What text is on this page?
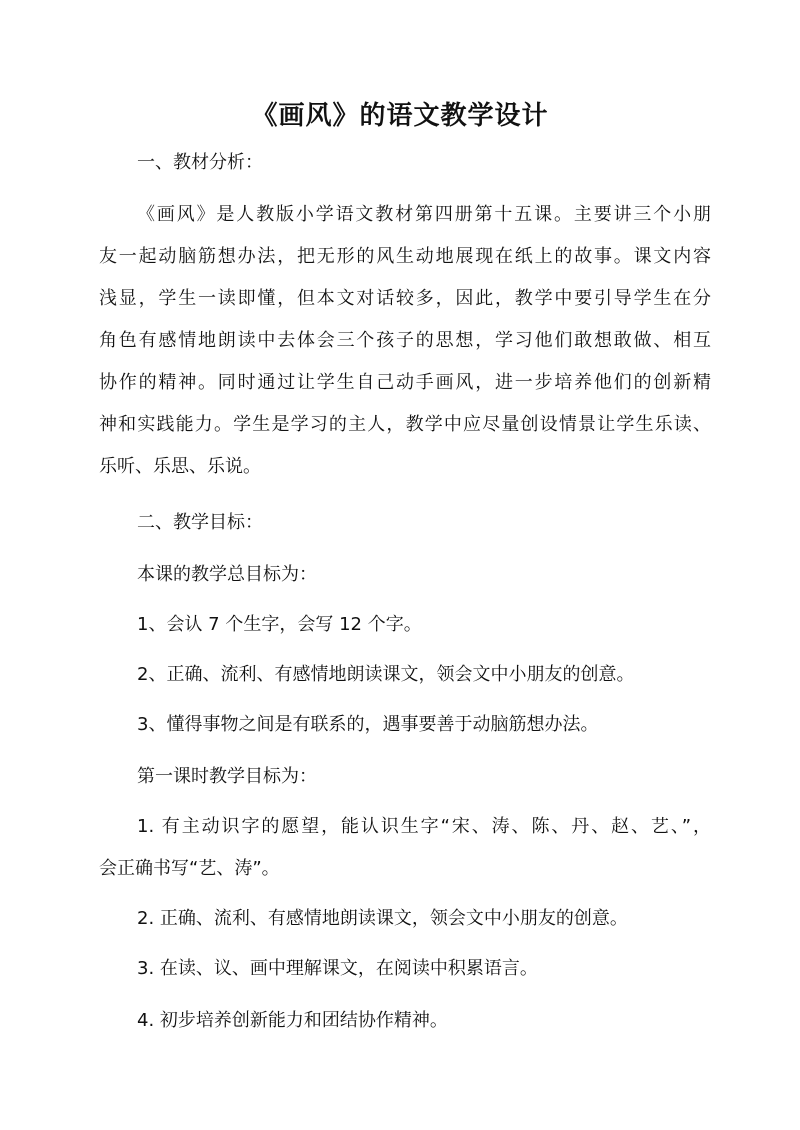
《画风》的语文教学设计
一、教材分析：
《画风》是人教版小学语文教材第四册第十五课。主要讲三个小朋
友一起动脑筋想办法，把无形的风生动地展现在纸上的故事。课文内容
浅显，学生一读即懂，但本文对话较多，因此，教学中要引导学生在分
角色有感情地朗读中去体会三个孩子的思想，学习他们敢想敢做、相互
协作的精神。同时通过让学生自己动手画风，进一步培养他们的创新精
神和实践能力。学生是学习的主人，教学中应尽量创设情景让学生乐读、
乐听、乐思、乐说。
二、教学目标：
本课的教学总目标为：
1、会认 7 个生字，会写 12 个字。
2、正确、流利、有感情地朗读课文，领会文中小朋友的创意。
3、懂得事物之间是有联系的，遇事要善于动脑筋想办法。
第一课时教学目标为：
1. 有主动识字的愿望，能认识生字“宋、涛、陈、丹、赵、艺、”，
会正确书写“艺、涛”。
2. 正确、流利、有感情地朗读课文，领会文中小朋友的创意。
3. 在读、议、画中理解课文，在阅读中积累语言。
4. 初步培养创新能力和团结协作精神。
